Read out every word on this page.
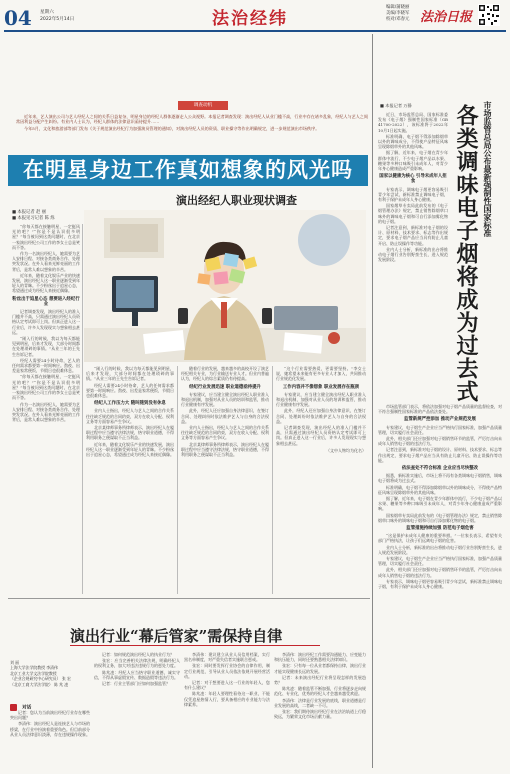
04 星期六
2022年5月14日	法治经纬
编辑/蒲晓丽
美编/李晓军
校对/邓春元 法治日报
调查动机

近年来，艺人演出公司与艺人经纪人之间的关系日益复杂，明星身边的经纪人群体逐渐走入公众视野。本报记者调查发现：演出经纪人从业门槛不高，行业中存在诸多乱象，经纪人与艺人之间常因利益分配产生纠纷。有业内人士认为，经纪人群体的法律意识亟待提升……

今年5月，文化和旅游部等部门发布《关于规范演出经纪行为加强演员管理的通知》，对演出经纪人员的资质、职业操守等作出明确规定，进一步规范演出市场秩序。

在明星身边工作真如想象的风光吗
演出经纪人职业现状调查
■ 本报记者 赵 丽
■ 本报见习记者 陈 烁

“你每天都在接触明星，一定挺风光的吧？”“你是不是认识很多明星？”每当被问到这类问题时，在北京一家演出经纪公司工作的李女士总是笑而不答。

作为一名演出经纪人，她需要为艺人安排日程、对接各类商务合作、处理突发状况。在外人看来光鲜亮丽的工作背后，是常人难以想象的辛苦。

近年来，随着文化娱乐产业的快速发展，演出经纪人这一职业逐渐受到年轻人的青睐。不少粉丝出于追星心态，希望通过成为经纪人来接近偶像。

粉丝出于追星心态 想要进入经纪行业

记者调查发现，演出经纪人的准入门槛并不高，只需通过演出经纪人员资格认定考试即可上岗。但真正进入这一行业后，许多人发现现实与想象相去甚远。

“刚入行的时候，我以为每天都能见到明星，后来才发现，大部分时间都在处理琐碎的事情。”从业三年的王先生告诉记者。

经纪人需要24小时待命，艺人的任何需求都要第一时间响应。熬夜、出差是家常便饭，节假日也很难休息。

“你每天都在接触明星，一定挺风光的吧？”“你是不是认识很多明星？”每当被问到这类问题时，在北京一家演出经纪公司工作的李女士总是笑而不答。

作为一名演出经纪人，她需要为艺人安排日程、对接各类商务合作、处理突发状况。在外人看来光鲜亮丽的工作背后，是常人难以想象的辛苦。

“刚入行的时候，我以为每天都能见到明星，后来才发现，大部分时间都在处理琐碎的事情。”从业三年的王先生告诉记者。

经纪人需要24小时待命，艺人的任何需求都要第一时间响应。熬夜、出差是家常便饭，节假日也很难休息。

经纪人工作压力大 随叫随到没有休息

业内人士指出，经纪人与艺人之间的合作关系往往缺乏规范的合同约束，双方在收入分配、权利义务等方面容易产生争议。

北京某律师事务所律师表示，演出经纪人在履职过程中应当遵守法律法规，恪守职业道德，不得利用职务之便谋取不正当利益。

近年来，随着文化娱乐产业的快速发展，演出经纪人这一职业逐渐受到年轻人的青睐。不少粉丝出于追星心态，希望通过成为经纪人来接近偶像。

随着行业的发展，越来越多的高校开设了演艺经纪相关专业，为行业输送专业人才。但业内普遍认为，经纪人的综合素质仍有待提高。

经纪行业发展迅速 职业道德亟待提升

专家建议，应当建立健全演出经纪人职业准入和退出机制，加强对从业人员的培训和监管，推动行业健康有序发展。

此外，经纪人还应加强自身法律意识，在签订合同、处理纠纷时依法维护艺人与自身的合法权益。

业内人士指出，经纪人与艺人之间的合作关系往往缺乏规范的合同约束，双方在收入分配、权利义务等方面容易产生争议。

北京某律师事务所律师表示，演出经纪人在履职过程中应当遵守法律法规，恪守职业道德，不得利用职务之便谋取不正当利益。

“这个行业需要热爱，更需要坚持。”李女士说，她希望未来能有更多专业人才加入，共同推动行业规范化发展。

工作内容并不像想象 职业发展存在瓶颈

专家建议，应当建立健全演出经纪人职业准入和退出机制，加强对从业人员的培训和监管，推动行业健康有序发展。

此外，经纪人还应加强自身法律意识，在签订合同、处理纠纷时依法维护艺人与自身的合法权益。

记者调查发现，演出经纪人的准入门槛并不高，只需通过演出经纪人员资格认定考试即可上岗。但真正进入这一行业后，许多人发现现实与想象相去甚远。

（文中人物均为化名）
演出行业“幕后管家”需保持自律
刘 丽
上海大学法学院教授 李清伟
北京工业大学文法学院教授
（企业合规研究中心研究员） 张 宏
（北京工商大学法学院） 陈 兆 凌
对话

记者：您认为当前演出经纪行业存在哪些突出问题？

李清伟：演出经纪人是连接艺人与市场的桥梁，在行业中扮演着重要角色。但目前部分从业人员法律意识淡薄，存在违规操作现象。

记者：如何规范演出经纪人的执业行为？

张宏：应当完善相关法律法规，明确经纪人的权利义务，加大对违法违规行为的惩处力度。

陈兆凌：经纪人应当恪守职业道德，诚实守信，不得从事虚假宣传、数据造假等违法行为。

记者：行业主管部门应如何加强监管？

李清伟：建议建立从业人员信用档案，实行黑名单制度，对严重失信者实施联合惩戒。

张宏：同时要发挥行业协会的自律作用，制定行业规范，引导从业人员依法依规开展经营活动。

记者：对于想要进入这一行业的年轻人，您有什么建议？

陈兆凌：年轻人要理性看待这一职业，不能仅凭追星热情入行，要具备相应的专业能力与法律素养。

李清伟：演出经纪工作需要沟通能力、应变能力和抗压能力，同时还要熟悉相关法律知识。

张宏：只有每一位从业者都保持自律，演出行业才能实现健康长远的发展。

记者：未来演出经纪行业将呈现怎样的发展趋势？

陈兆凌：随着监管不断加强，行业将逐步走向规范化、专业化，优秀的经纪人才会越来越受欢迎。

李清伟：法律是行业发展的底线，职业道德是行业发展的高线，二者缺一不可。

张宏：我们期待演出经纪行业在法治轨道上行稳致远，为繁荣文化市场贡献力量。

■ 本报记者 万静	市场监管总局公布最新强制性国家标准
各类调味电子烟将成为过去式

近日，市场监管总局、国家标准委发布《电子烟》强制性国家标准（GB 41700-2022），该标准将于2022年10月1日起实施。

标准明确，电子烟不得添加除烟草以外的调味成分，不得使产品特征风味呈现除烟草外的其他风味。

据了解，近年来，电子烟在青少年群体中流行，不少电子烟产品以水果、糖果等多种口味吸引未成年人，对青少年身心健康造成严重影响。

国家以健康为核心 引导未成年人拒食

专家表示，调味电子烟更容易吸引青少年尝试，新标准禁止调味电子烟，有利于保护未成年人身心健康。

国家烟草专卖局此前发布的《电子烟管理办法》规定，禁止销售除烟草口味外的调味电子烟和可自行添加雾化物的电子烟。

记者注意到，新标准对电子烟的设计、原材料、技术要求、标志等作出规定，要求电子烟产品应当具有防止儿童开启、防止误操作等功能。

业内人士分析，新标准的出台将推动电子烟行业告别野蛮生长，进入规范发展阶段。

市场监管部门表示，将依法加强对电子烟产品质量的监督检查，对不符合强制性国家标准的产品依法查处。

监管新规严控添加 推动产业规范发展

专家建议，电子烟生产企业应当严格执行国家标准，加强产品质量管理，切实履行社会责任。

此外，相关部门还应加强对电子烟销售环节的监管，严厉打击向未成年人销售电子烟的违法行为。

记者注意到，新标准对电子烟的设计、原材料、技术要求、标志等作出规定，要求电子烟产品应当具有防止儿童开启、防止误操作等功能。

依法查处不符合标准 企业应当尽快整改

据悉，新标准实施后，市场上将不再有各类调味电子烟销售，调味电子烟将成为过去式。

标准明确，电子烟不得添加除烟草以外的调味成分，不得使产品特征风味呈现除烟草外的其他风味。

据了解，近年来，电子烟在青少年群体中流行，不少电子烟产品以水果、糖果等多种口味吸引未成年人，对青少年身心健康造成严重影响。

国家烟草专卖局此前发布的《电子烟管理办法》规定，禁止销售除烟草口味外的调味电子烟和可自行添加雾化物的电子烟。

监管措施持续加强 防范电子烟危害

“这是保护未成年人健康的重要举措。”一位家长表示，希望有关部门严格执法，让孩子们远离电子烟的危害。

业内人士分析，新标准的出台将推动电子烟行业告别野蛮生长，进入规范发展阶段。

专家建议，电子烟生产企业应当严格执行国家标准，加强产品质量管理，切实履行社会责任。

此外，相关部门还应加强对电子烟销售环节的监管，严厉打击向未成年人销售电子烟的违法行为。

专家表示，调味电子烟更容易吸引青少年尝试，新标准禁止调味电子烟，有利于保护未成年人身心健康。
